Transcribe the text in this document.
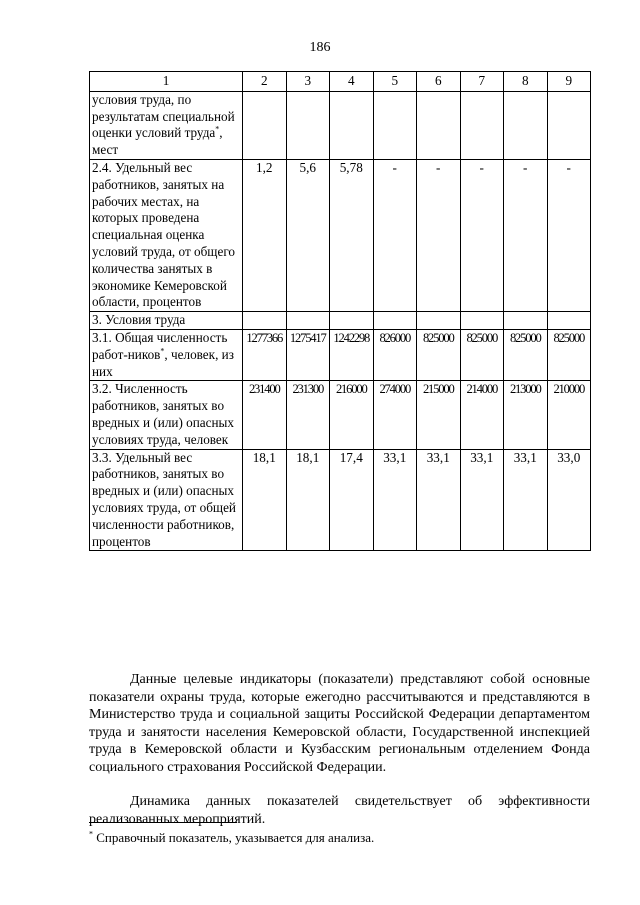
186
1	2	3	4	5	6	7	8	9
условия труда, по результатам специальной оценки условий труда*, мест								
2.4. Удельный вес работников, занятых на рабочих местах, на которых проведена специальная оценка условий труда, от общего количества занятых в экономике Кемеровской области, процентов	1,2	5,6	5,78	-	-	-	-	-
3. Условия труда								
3.1. Общая численность работ-ников*, человек, из них	1277366	1275417	1242298	826000	825000	825000	825000	825000
3.2. Численность работников, занятых во вредных и (или) опасных условиях труда, человек	231400	231300	216000	274000	215000	214000	213000	210000
3.3. Удельный вес работников, занятых во вредных и (или) опасных условиях труда, от общей численности работников, процентов	18,1	18,1	17,4	33,1	33,1	33,1	33,1	33,0

Данные целевые индикаторы (показатели) представляют собой основные показатели охраны труда, которые ежегодно рассчитываются и представляются в Министерство труда и социальной защиты Российской Федерации департаментом труда и занятости населения Кемеровской области, Государственной инспекцией труда в Кемеровской области и Кузбасским региональным отделением Фонда социального страхования Российской Федерации.

Динамика данных показателей свидетельствует об эффективности реализованных мероприятий.

* Справочный показатель, указывается для анализа.
